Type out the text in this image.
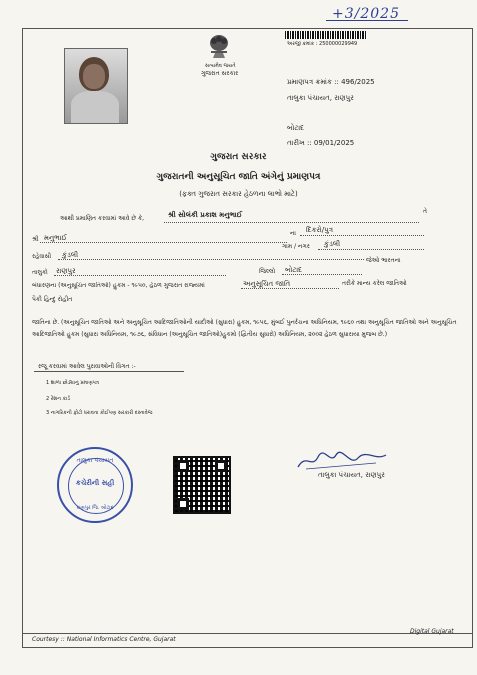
+3/2025
સત્યમેવ જયતે
ગુજરાત સરકાર
અરજી ક્રમાંક : 250000029949
પ્રમાણપત્ર ક્રમાંક :: 496/2025
તાલુકા પંચાયત, રાણપુર
બોટાદ
તારીખ :: 09/01/2025
ગુજરાત સરકાર
ગુજરાતની અનુસૂચિત જાતિ અંગેનું પ્રમાણપત્ર
(ફક્ત ગુજરાત સરકાર હેઠળના લાભો માટે)
આથી પ્રમાણિત કરવામાં આવે છે કે,	શ્રી સોલંકી પ્રકાશ મનુભાઈ	તે
શ્રી મનુભાઈ
ના દિકરો/પુત્ર
ગામ / નગર કુંડલી
રહેવાસી કુંડલી
જેઓ ભારતના
તાલુકો રાણપુર	જિલ્લો બોટાદ
બંધારણના (અનુસૂચિત જાતિઓ) હુકમ - ૧૯૫૦, હેઠળ ગુજરાત રાજ્યમાં	અનુસૂચિત જાતિ	તરીકે માન્ય કરેલ જાતિઓ
પૈકી હિન્દુ રોહીત
જાતિના છે. (અનુસૂચિત જાતિઓ અને અનુસૂચિત આદિજાતિઓની યાદીઓ (સુધારા) હુકમ, ૧૯૫૬, મુંબઈ પુનર્રચના અધિનિયમ, ૧૯૬૦ તથા અનુસૂચિત જાતિઓ અને અનુસૂચિત આદિજાતિઓ હુકમ (સુધારા અધિનિયમ, ૧૯૭૬, સંવિધાન (અનુસૂચિત જાતિઓ)હુકમો (દ્વિતીય સુધારો) અધિનિયમ, ૨૦૦૨ હેઠળ સુધારાયા મુજબ છે.)
રજૂ કરવામાં આવેલ પુરાવાઓની વિગત :-
1 શાળા છોડ્યાનું પ્રમાણપત્ર
2 રેશન કાર્ડ
3 નાગરિકની ફોટો ધરાવતા કોઈપણ સરકારી દસ્તાવેજ
તાલુકા પંચાયત
કચેરીની સહી
રાણપુર જિ. બોટાદ
તાલુકા પંચાયત, રાણપુર
Courtesy :: National Informatics Centre, Gujarat
Digital Gujarat
